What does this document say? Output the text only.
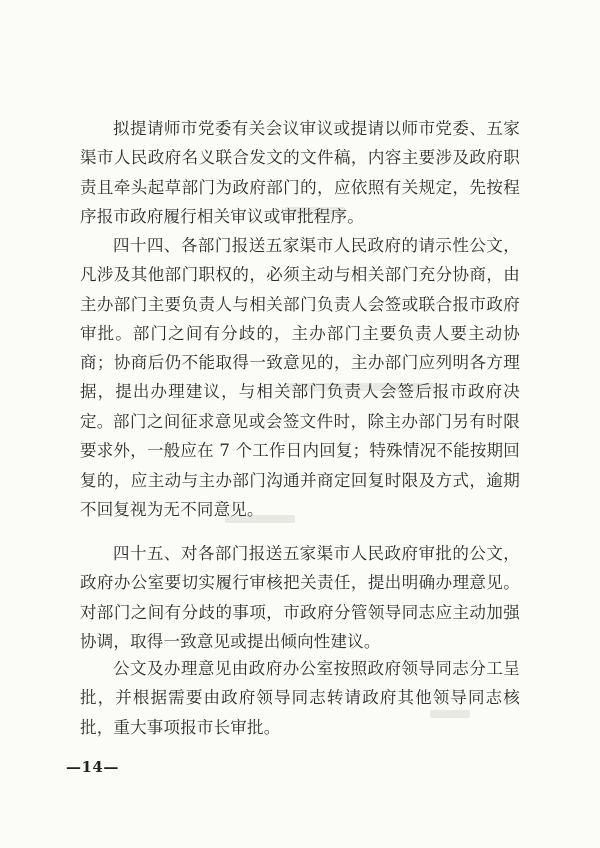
拟提请师市党委有关会议审议或提请以师市党委、五家渠市人民政府名义联合发文的文件稿，内容主要涉及政府职责且牵头起草部门为政府部门的，应依照有关规定，先按程序报市政府履行相关审议或审批程序。

四十四、各部门报送五家渠市人民政府的请示性公文，凡涉及其他部门职权的，必须主动与相关部门充分协商，由主办部门主要负责人与相关部门负责人会签或联合报市政府审批。部门之间有分歧的，主办部门主要负责人要主动协商；协商后仍不能取得一致意见的，主办部门应列明各方理据，提出办理建议，与相关部门负责人会签后报市政府决定。 部门之间征求意见或会签文件时，除主办部门另有时限要求外，一般应在 7 个工作日内回复；特殊情况不能按期回复的，应主动与主办部门沟通并商定回复时限及方式，逾期不回复视为无不同意见。

四十五、对各部门报送五家渠市人民政府审批的公文，政府办公室要切实履行审核把关责任，提出明确办理意见。对部门之间有分歧的事项，市政府分管领导同志应主动加强协调，取得一致意见或提出倾向性建议。

公文及办理意见由政府办公室按照政府领导同志分工呈批，并根据需要由政府领导同志转请政府其他领导同志核批，重大事项报市长审批。

—14—
